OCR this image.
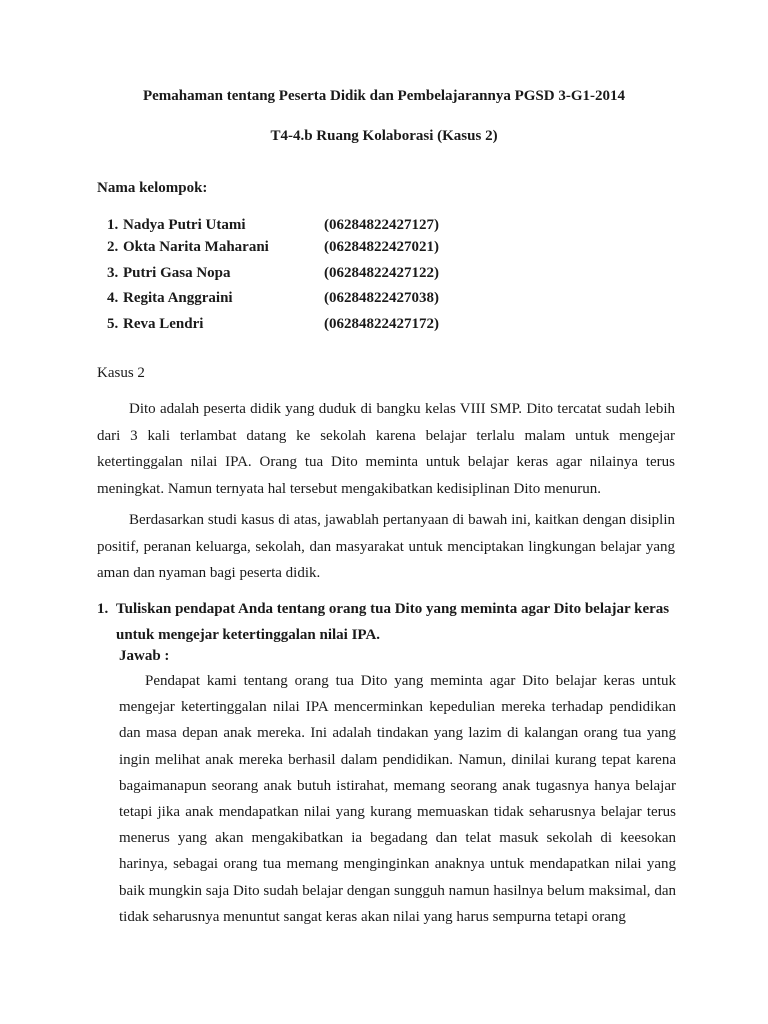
Pemahaman tentang Peserta Didik dan Pembelajarannya PGSD 3-G1-2014
T4-4.b Ruang Kolaborasi (Kasus 2)
Nama kelompok:
1. Nadya Putri Utami	(06284822427127)
2. Okta Narita Maharani	(06284822427021)
3. Putri Gasa Nopa	(06284822427122)
4. Regita Anggraini	(06284822427038)
5. Reva Lendri	(06284822427172)
Kasus 2
Dito adalah peserta didik yang duduk di bangku kelas VIII SMP. Dito tercatat sudah lebih dari 3 kali terlambat datang ke sekolah karena belajar terlalu malam untuk mengejar ketertinggalan nilai IPA. Orang tua Dito meminta untuk belajar keras agar nilainya terus meningkat. Namun ternyata hal tersebut mengakibatkan kedisiplinan Dito menurun.
Berdasarkan studi kasus di atas, jawablah pertanyaan di bawah ini, kaitkan dengan disiplin positif, peranan keluarga, sekolah, dan masyarakat untuk menciptakan lingkungan belajar yang aman dan nyaman bagi peserta didik.
1. Tuliskan pendapat Anda tentang orang tua Dito yang meminta agar Dito belajar keras
untuk mengejar ketertinggalan nilai IPA.
Jawab :
Pendapat kami tentang orang tua Dito yang meminta agar Dito belajar keras untuk mengejar ketertinggalan nilai IPA mencerminkan kepedulian mereka terhadap pendidikan dan masa depan anak mereka. Ini adalah tindakan yang lazim di kalangan orang tua yang ingin melihat anak mereka berhasil dalam pendidikan. Namun, dinilai kurang tepat karena bagaimanapun seorang anak butuh istirahat, memang seorang anak tugasnya hanya belajar tetapi jika anak mendapatkan nilai yang kurang memuaskan tidak seharusnya belajar terus menerus yang akan mengakibatkan ia begadang dan telat masuk sekolah di keesokan harinya, sebagai orang tua memang menginginkan anaknya untuk mendapatkan nilai yang baik mungkin saja Dito sudah belajar dengan sungguh namun hasilnya belum maksimal, dan tidak seharusnya menuntut sangat keras akan nilai yang harus sempurna tetapi orang
